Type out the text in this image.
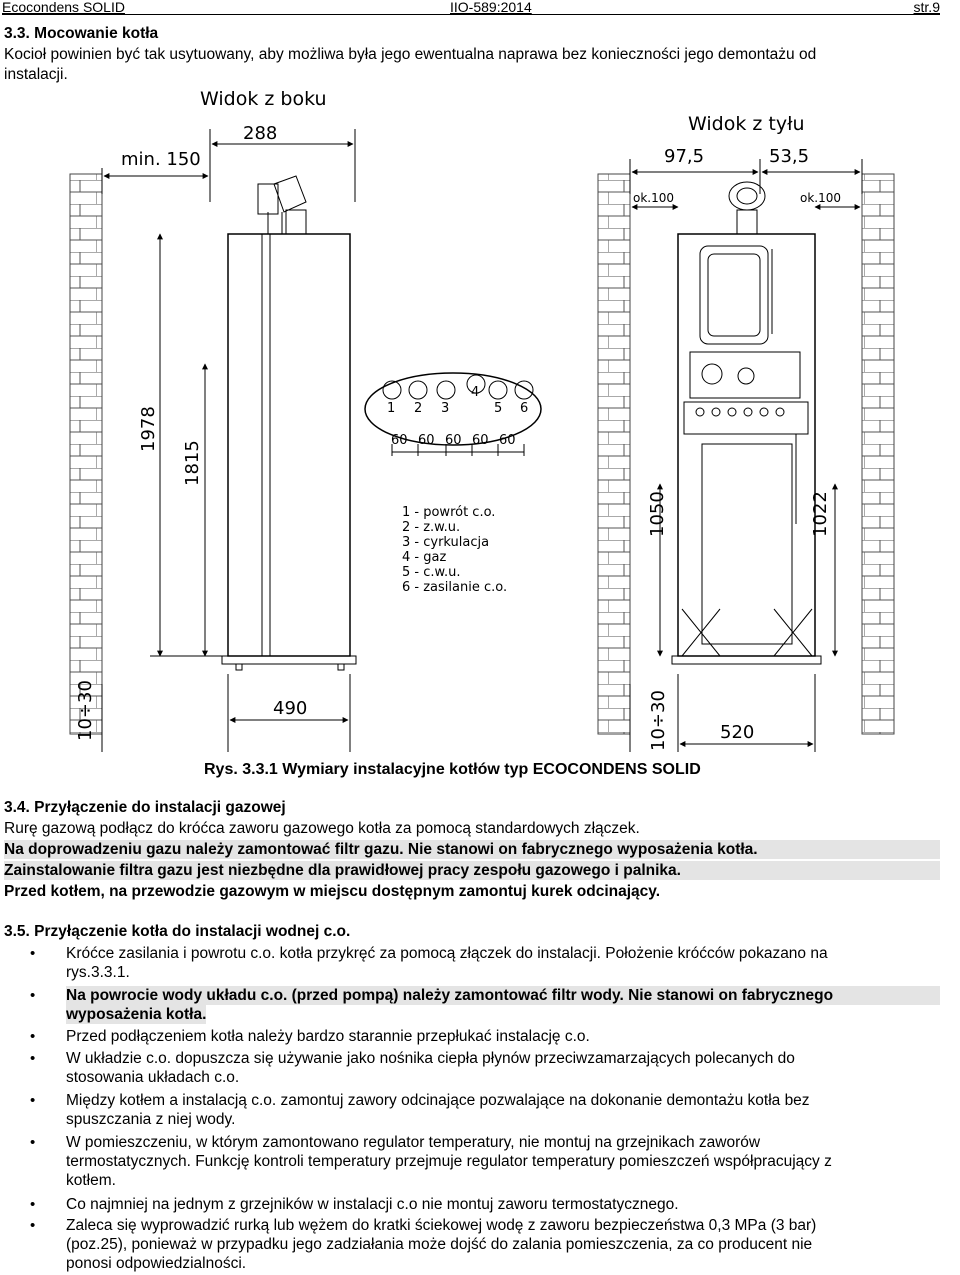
Ecocondens SOLID	IIO-589:2014	str.9
3.3. Mocowanie kotła
Kocioł powinien być tak usytuowany, aby możliwa była jego ewentualna naprawa bez konieczności jego demontażu od
instalacji.
Widok z boku
Widok z tyłu
288
min. 150	97,5	53,5
ok.100	ok.100
1 2 3
4
5 6
60 60 60 60 60
1 - powrót c.o.
2 - z.w.u.
3 - cyrkulacja
4 - gaz
5 - c.w.u.
6 - zasilanie c.o.
1978
1815
1050	1022
490
10÷30	520
10÷30
Rys. 3.3.1 Wymiary instalacyjne kotłów typ ECOCONDENS SOLID
3.4. Przyłączenie do instalacji gazowej
Rurę gazową podłącz do króćca zaworu gazowego kotła za pomocą standardowych złączek.
Na doprowadzeniu gazu należy zamontować filtr gazu. Nie stanowi on fabrycznego wyposażenia kotła.
Zainstalowanie filtra gazu jest niezbędne dla prawidłowej pracy zespołu gazowego i palnika.
Przed kotłem, na przewodzie gazowym w miejscu dostępnym zamontuj kurek odcinający.
3.5. Przyłączenie kotła do instalacji wodnej c.o.
• Króćce zasilania i powrotu c.o. kotła przykręć za pomocą złączek do instalacji. Położenie króćców pokazano na
rys.3.3.1.
• Na powrocie wody układu c.o. (przed pompą) należy zamontować filtr wody. Nie stanowi on fabrycznego
wyposażenia kotła.
• Przed podłączeniem kotła należy bardzo starannie przepłukać instalację c.o.
• W układzie c.o. dopuszcza się używanie jako nośnika ciepła płynów przeciwzamarzających polecanych do
stosowania układach c.o.
• Między kotłem a instalacją c.o. zamontuj zawory odcinające pozwalające na dokonanie demontażu kotła bez
spuszczania z niej wody.
• W pomieszczeniu, w którym zamontowano regulator temperatury, nie montuj na grzejnikach zaworów
termostatycznych. Funkcję kontroli temperatury przejmuje regulator temperatury pomieszczeń współpracujący z
kotłem.
• Co najmniej na jednym z grzejników w instalacji c.o nie montuj zaworu termostatycznego.
• Zaleca się wyprowadzić rurką lub wężem do kratki ściekowej wodę z zaworu bezpieczeństwa 0,3 MPa (3 bar)
(poz.25), ponieważ w przypadku jego zadziałania może dojść do zalania pomieszczenia, za co producent nie
ponosi odpowiedzialności.
